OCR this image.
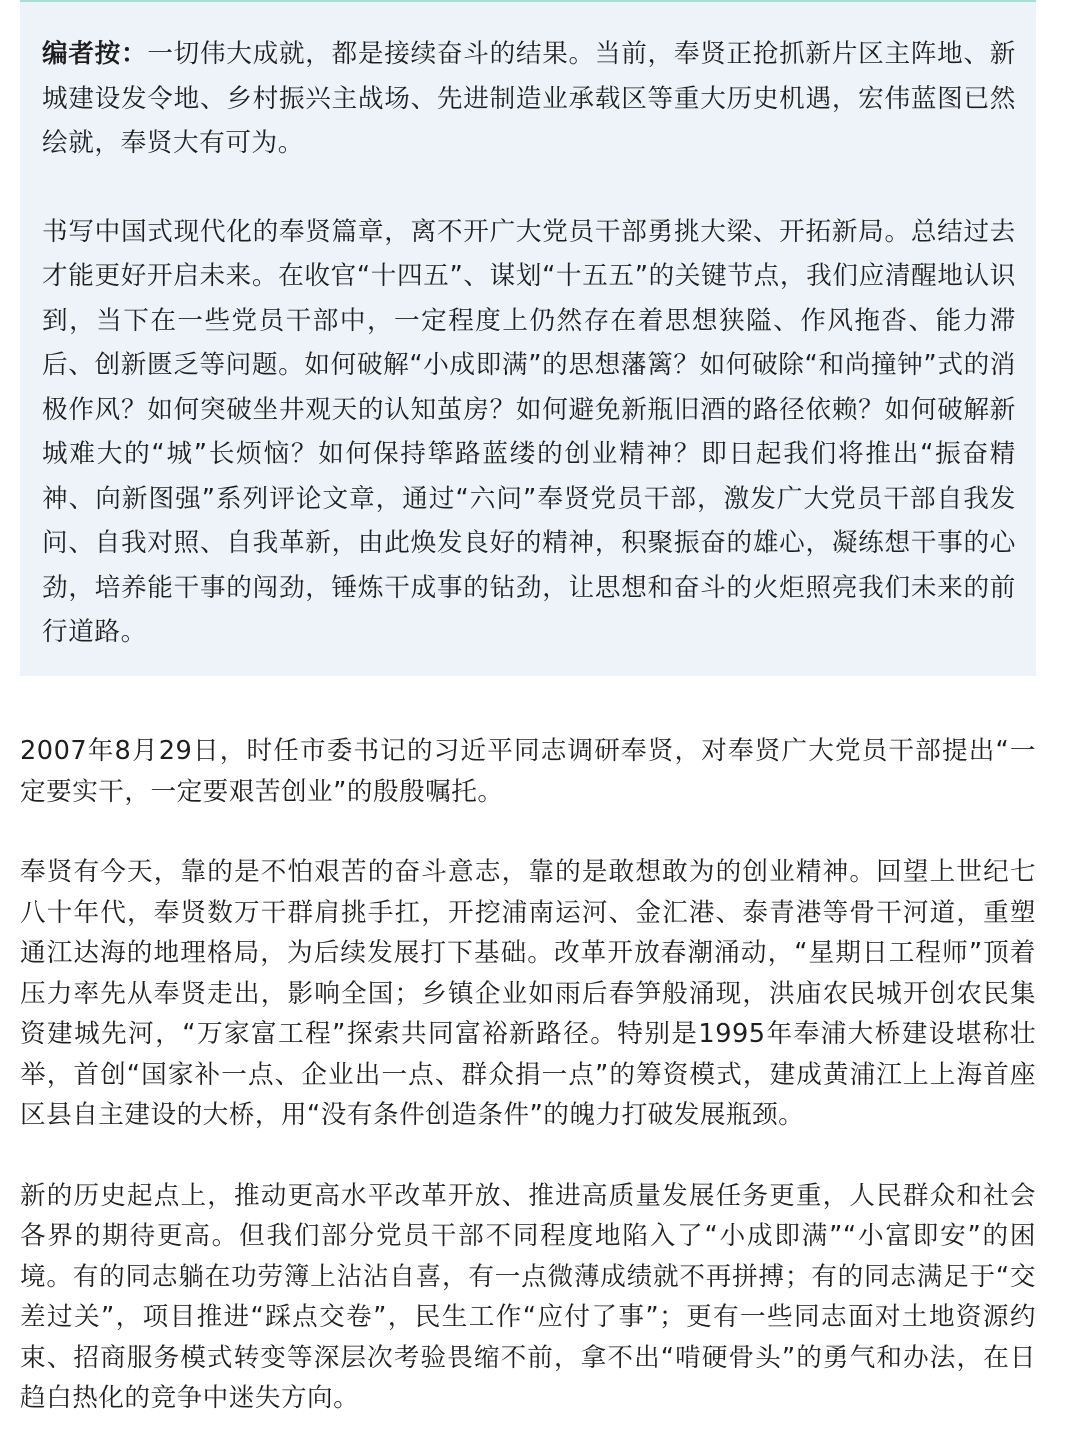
编者按：一切伟大成就，都是接续奋斗的结果。当前，奉贤正抢抓新片区主阵地、新城建设发令地、乡村振兴主战场、先进制造业承载区等重大历史机遇，宏伟蓝图已然绘就，奉贤大有可为。

书写中国式现代化的奉贤篇章，离不开广大党员干部勇挑大梁、开拓新局。总结过去才能更好开启未来。在收官“十四五”、谋划“十五五”的关键节点，我们应清醒地认识到，当下在一些党员干部中，一定程度上仍然存在着思想狭隘、作风拖沓、能力滞后、创新匮乏等问题。如何破解“小成即满”的思想藩篱？如何破除“和尚撞钟”式的消极作风？如何突破坐井观天的认知茧房？如何避免新瓶旧酒的路径依赖？如何破解新城难大的“城”长烦恼？如何保持筚路蓝缕的创业精神？即日起我们将推出“振奋精神、向新图强”系列评论文章，通过“六问”奉贤党员干部，激发广大党员干部自我发问、自我对照、自我革新，由此焕发良好的精神，积聚振奋的雄心，凝练想干事的心劲，培养能干事的闯劲，锤炼干成事的钻劲，让思想和奋斗的火炬照亮我们未来的前行道路。

2007年8月29日，时任市委书记的习近平同志调研奉贤，对奉贤广大党员干部提出“一定要实干，一定要艰苦创业”的殷殷嘱托。

奉贤有今天，靠的是不怕艰苦的奋斗意志，靠的是敢想敢为的创业精神。回望上世纪七八十年代，奉贤数万干群肩挑手扛，开挖浦南运河、金汇港、泰青港等骨干河道，重塑通江达海的地理格局，为后续发展打下基础。改革开放春潮涌动，“星期日工程师”顶着压力率先从奉贤走出，影响全国；乡镇企业如雨后春笋般涌现，洪庙农民城开创农民集资建城先河，“万家富工程”探索共同富裕新路径。特别是1995年奉浦大桥建设堪称壮举，首创“国家补一点、企业出一点、群众捐一点”的筹资模式，建成黄浦江上上海首座区县自主建设的大桥，用“没有条件创造条件”的魄力打破发展瓶颈。

新的历史起点上，推动更高水平改革开放、推进高质量发展任务更重，人民群众和社会各界的期待更高。但我们部分党员干部不同程度地陷入了“小成即满”“小富即安”的困境。有的同志躺在功劳簿上沾沾自喜，有一点微薄成绩就不再拼搏；有的同志满足于“交差过关”，项目推进“踩点交卷”，民生工作“应付了事”；更有一些同志面对土地资源约束、招商服务模式转变等深层次考验畏缩不前，拿不出“啃硬骨头”的勇气和办法，在日趋白热化的竞争中迷失方向。
